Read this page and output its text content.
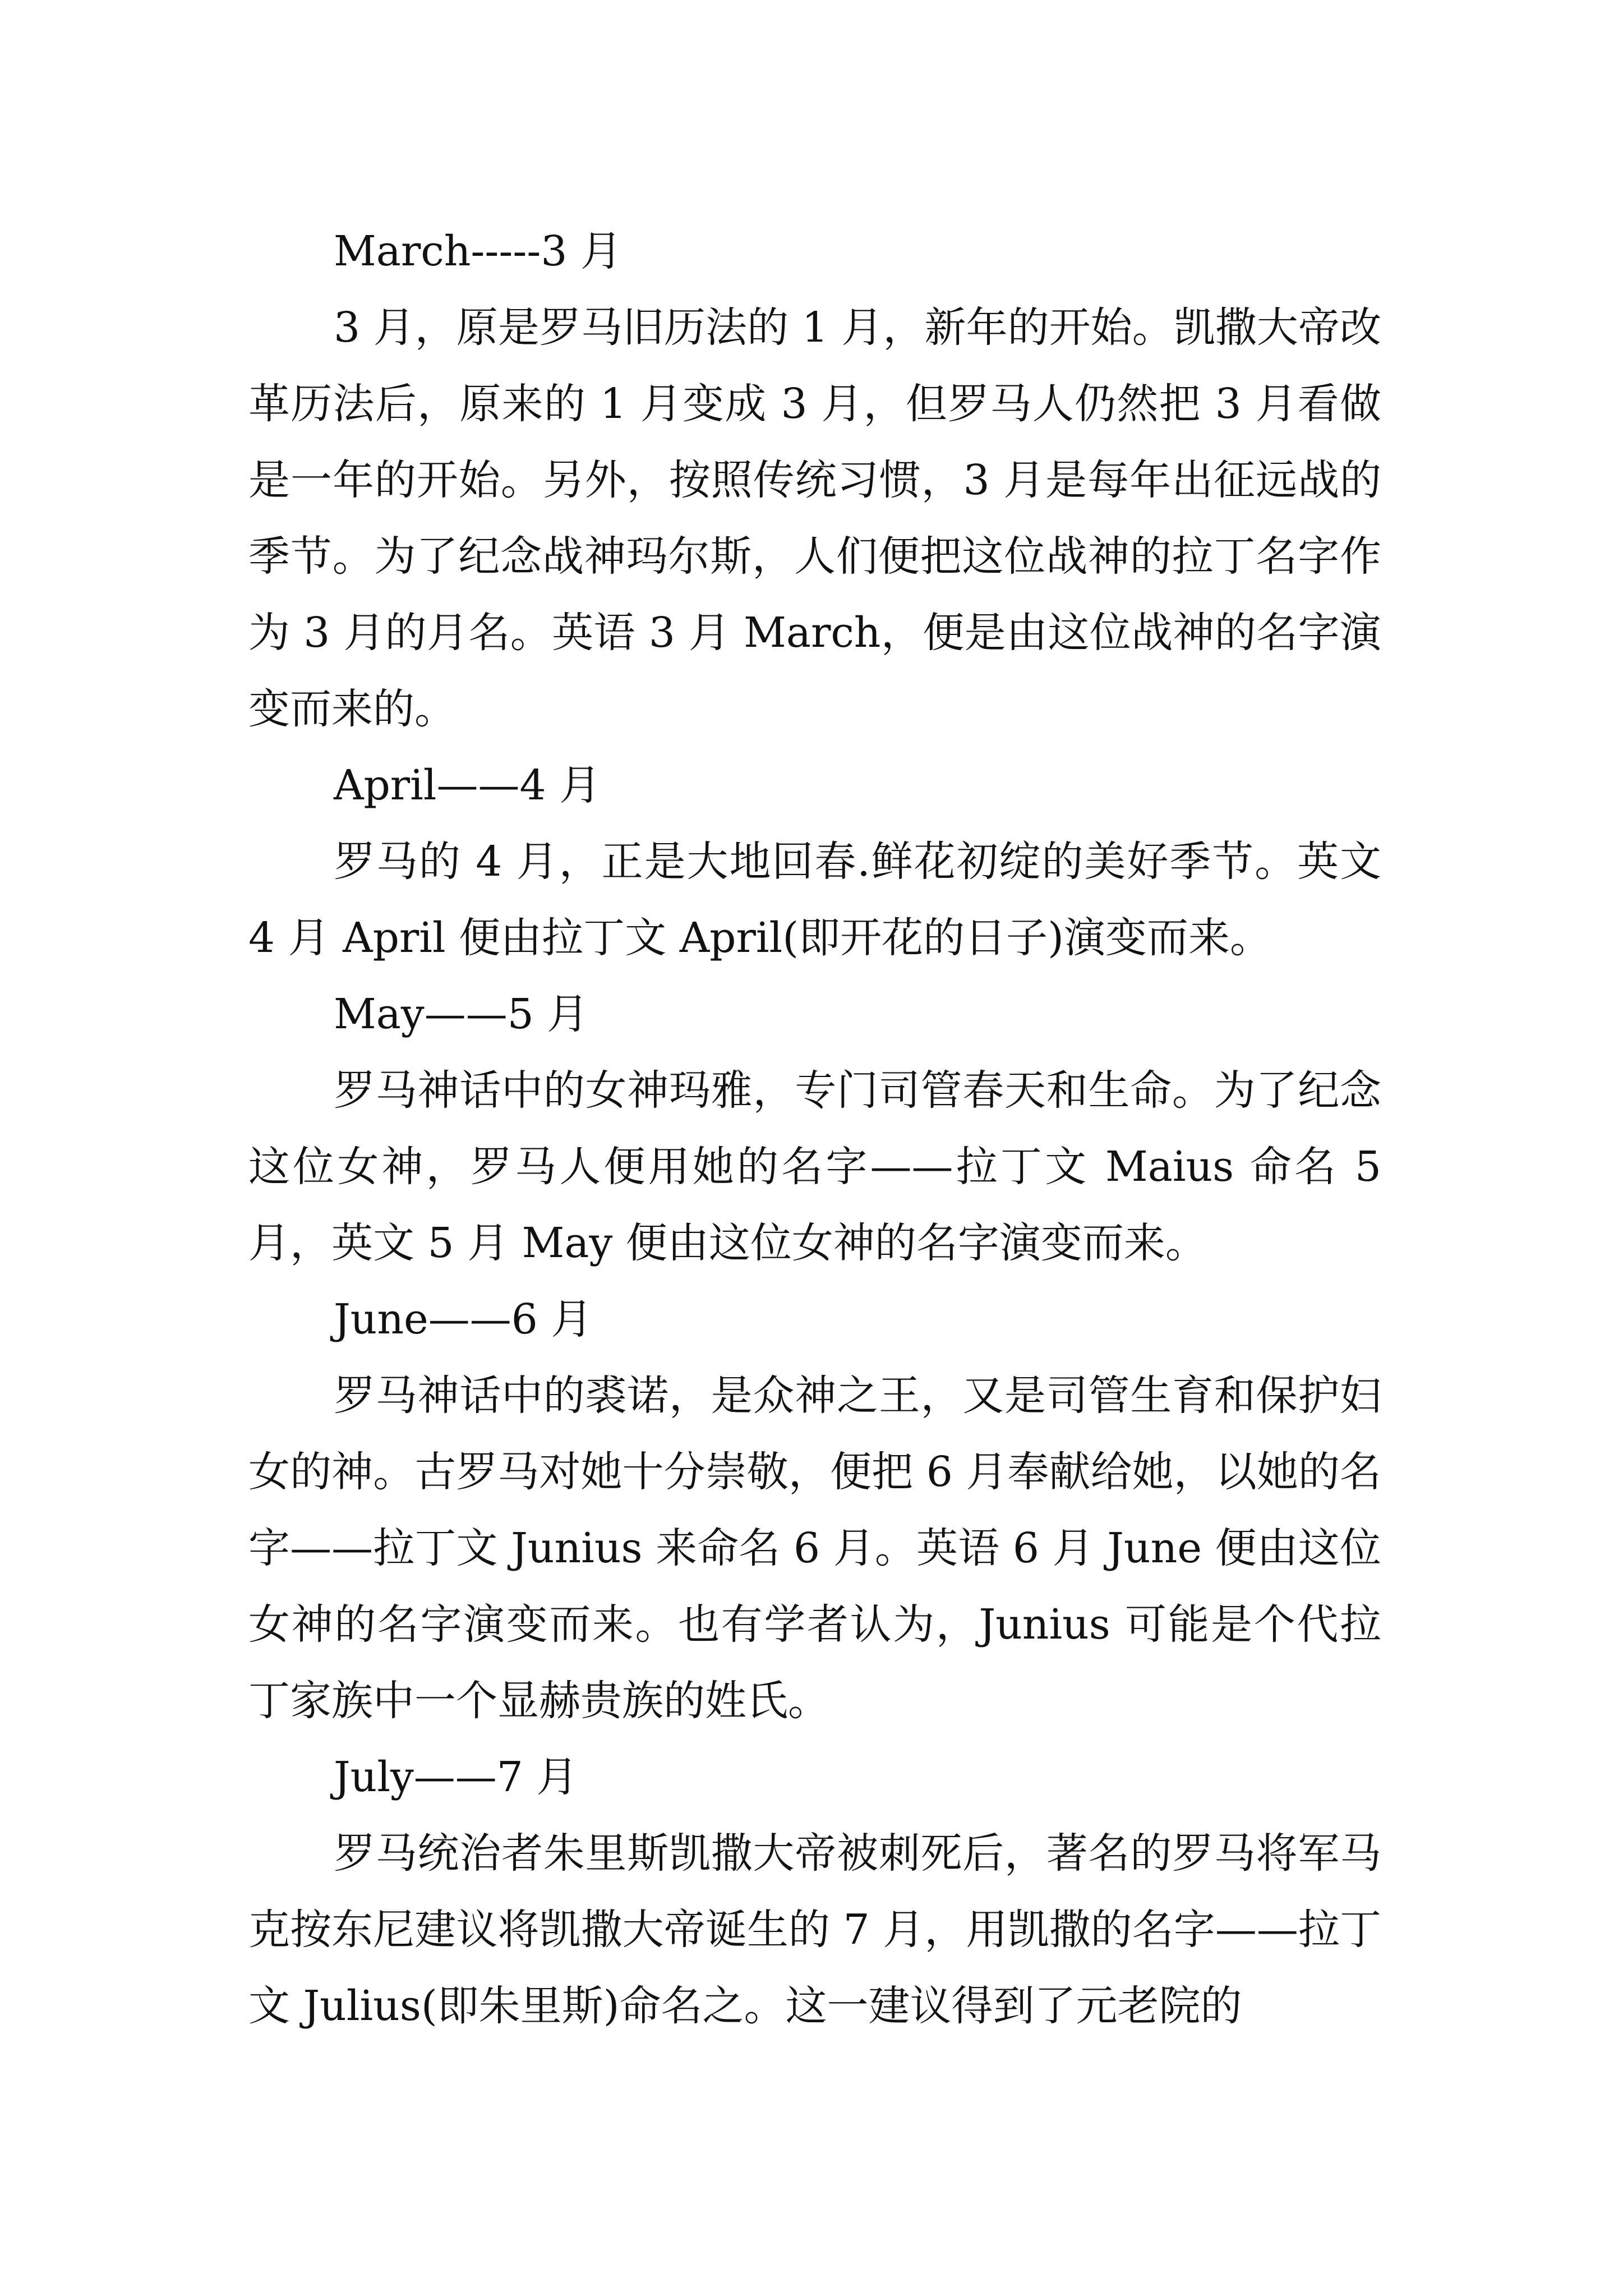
March-----3 月

3 月，原是罗马旧历法的 1 月，新年的开始。凯撒大帝改革历法后，原来的 1 月变成 3 月，但罗马人仍然把 3 月看做是一年的开始。另外，按照传统习惯，3 月是每年出征远战的季节。为了纪念战神玛尔斯，人们便把这位战神的拉丁名字作为 3 月的月名。英语 3 月 March，便是由这位战神的名字演变而来的。

April——4 月

罗马的 4 月，正是大地回春.鲜花初绽的美好季节。英文 4 月 April 便由拉丁文 April(即开花的日子)演变而来。

May——5 月

罗马神话中的女神玛雅，专门司管春天和生命。为了纪念这位女神，罗马人便用她的名字——拉丁文 Maius 命名 5 月，英文 5 月 May 便由这位女神的名字演变而来。

June——6 月

罗马神话中的裘诺，是众神之王，又是司管生育和保护妇女的神。古罗马对她十分崇敬，便把 6 月奉献给她，以她的名字——拉丁文 Junius 来命名 6 月。英语 6 月 June 便由这位女神的名字演变而来。也有学者认为，Junius 可能是个代拉丁家族中一个显赫贵族的姓氏。

July——7 月

罗马统治者朱里斯凯撒大帝被刺死后，著名的罗马将军马克按东尼建议将凯撒大帝诞生的 7 月，用凯撒的名字——拉丁文 Julius(即朱里斯)命名之。这一建议得到了元老院的
